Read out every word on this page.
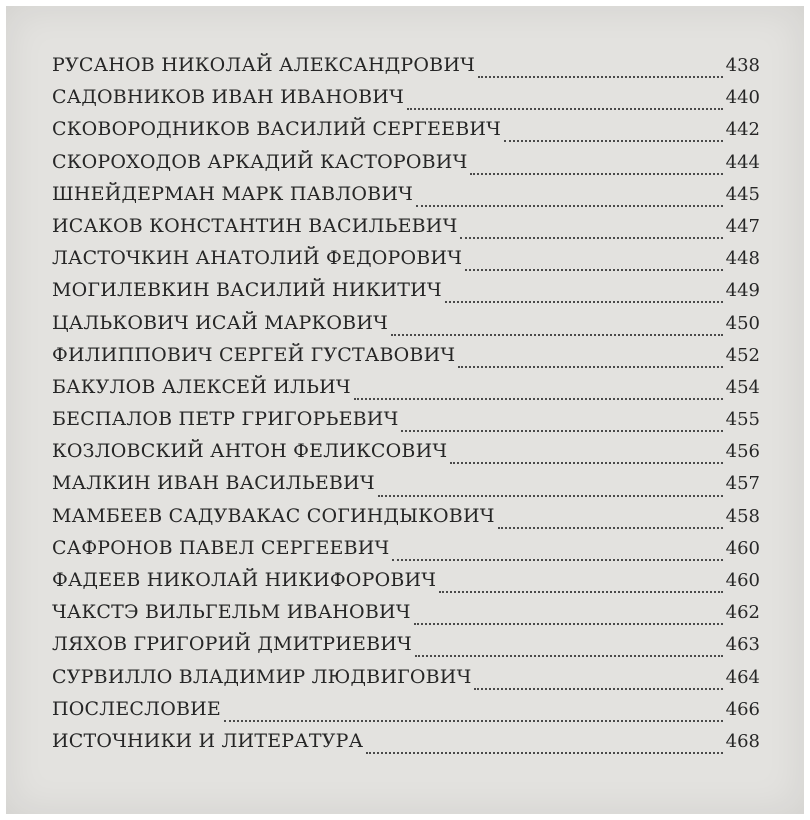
РУСАНОВ НИКОЛАЙ АЛЕКСАНДРОВИЧ	438
САДОВНИКОВ ИВАН ИВАНОВИЧ	440
СКОВОРОДНИКОВ ВАСИЛИЙ СЕРГЕЕВИЧ	442
СКОРОХОДОВ АРКАДИЙ КАСТОРОВИЧ	444
ШНЕЙДЕРМАН МАРК ПАВЛОВИЧ	445
ИСАКОВ КОНСТАНТИН ВАСИЛЬЕВИЧ	447
ЛАСТОЧКИН АНАТОЛИЙ ФЕДОРОВИЧ	448
МОГИЛЕВКИН ВАСИЛИЙ НИКИТИЧ	449
ЦАЛЬКОВИЧ ИСАЙ МАРКОВИЧ	450
ФИЛИППОВИЧ СЕРГЕЙ ГУСТАВОВИЧ	452
БАКУЛОВ АЛЕКСЕЙ ИЛЬИЧ	454
БЕСПАЛОВ ПЕТР ГРИГОРЬЕВИЧ	455
КОЗЛОВСКИЙ АНТОН ФЕЛИКСОВИЧ	456
МАЛКИН ИВАН ВАСИЛЬЕВИЧ	457
МАМБЕЕВ САДУВАКАС СОГИНДЫКОВИЧ	458
САФРОНОВ ПАВЕЛ СЕРГЕЕВИЧ	460
ФАДЕЕВ НИКОЛАЙ НИКИФОРОВИЧ	460
ЧАКСТЭ ВИЛЬГЕЛЬМ ИВАНОВИЧ	462
ЛЯХОВ ГРИГОРИЙ ДМИТРИЕВИЧ	463
СУРВИЛЛО ВЛАДИМИР ЛЮДВИГОВИЧ	464
ПОСЛЕСЛОВИЕ	466
ИСТОЧНИКИ И ЛИТЕРАТУРА	468
